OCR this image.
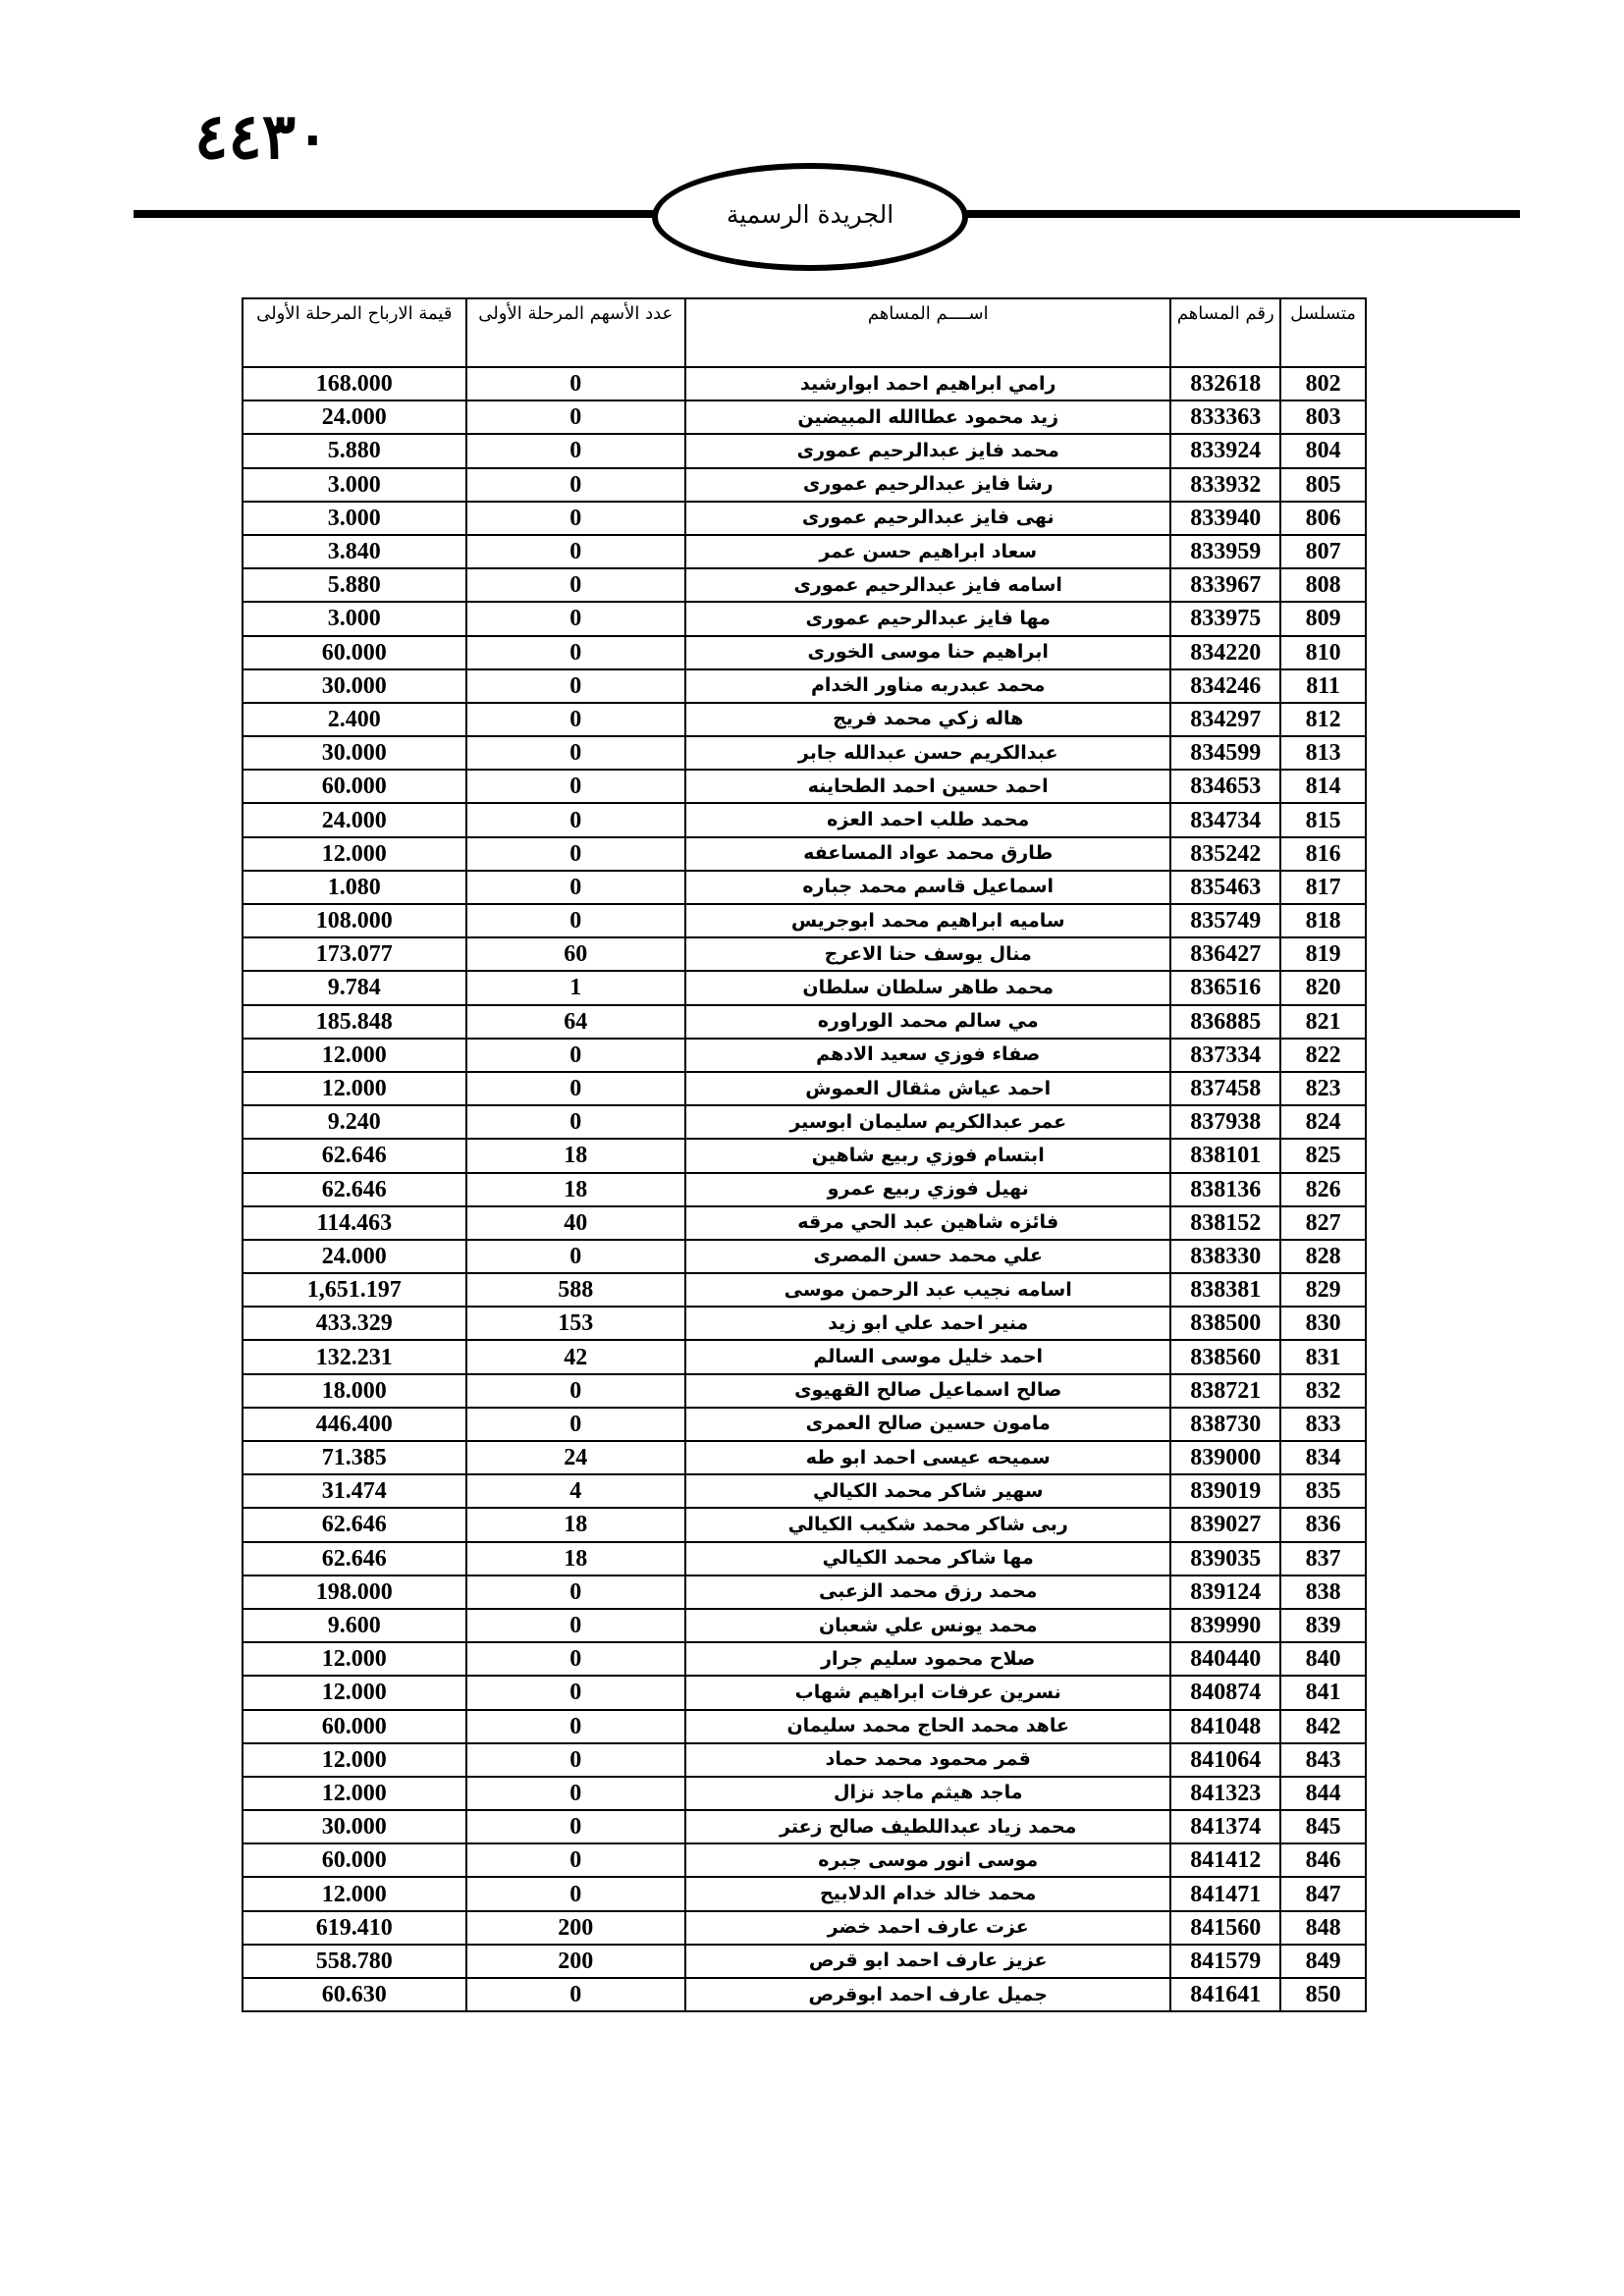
٤٤٣٠
الجريدة الرسمية
متسلسل	رقم المساهم	اســــم المساهم	عدد الأسهم المرحلة الأولى	قيمة الارباح المرحلة الأولى
802	832618	رامي ابراهيم احمد ابوارشيد	0	168.000
803	833363	زيد محمود عطاالله المبيضين	0	24.000
804	833924	محمد فايز عبدالرحيم عمورى	0	5.880
805	833932	رشا فايز عبدالرحيم عمورى	0	3.000
806	833940	نهى فايز عبدالرحيم عمورى	0	3.000
807	833959	سعاد ابراهيم حسن عمر	0	3.840
808	833967	اسامه فايز عبدالرحيم عمورى	0	5.880
809	833975	مها فايز عبدالرحيم عمورى	0	3.000
810	834220	ابراهيم حنا موسى الخورى	0	60.000
811	834246	محمد عبدربه مناور الخدام	0	30.000
812	834297	هاله زكي محمد فريج	0	2.400
813	834599	عبدالكريم حسن عبدالله جابر	0	30.000
814	834653	احمد حسين احمد الطحاينه	0	60.000
815	834734	محمد طلب احمد العزه	0	24.000
816	835242	طارق محمد عواد المساعفه	0	12.000
817	835463	اسماعيل قاسم محمد جباره	0	1.080
818	835749	ساميه ابراهيم محمد ابوجريس	0	108.000
819	836427	منال يوسف حنا الاعرج	60	173.077
820	836516	محمد طاهر سلطان سلطان	1	9.784
821	836885	مي سالم محمد الوراوره	64	185.848
822	837334	صفاء فوزي سعيد الادهم	0	12.000
823	837458	احمد عياش مثقال العموش	0	12.000
824	837938	عمر عبدالكريم سليمان ابوسير	0	9.240
825	838101	ابتسام فوزي ربيع شاهين	18	62.646
826	838136	نهيل فوزي ربيع عمرو	18	62.646
827	838152	فائزه شاهين عبد الحي مرقه	40	114.463
828	838330	علي محمد حسن المصرى	0	24.000
829	838381	اسامه نجيب عبد الرحمن موسى	588	1,651.197
830	838500	منير احمد علي ابو زيد	153	433.329
831	838560	احمد خليل موسى السالم	42	132.231
832	838721	صالح اسماعيل صالح القهيوى	0	18.000
833	838730	مامون حسين صالح العمرى	0	446.400
834	839000	سميحه عيسى احمد ابو طه	24	71.385
835	839019	سهير شاكر محمد الكيالي	4	31.474
836	839027	ربى شاكر محمد شكيب الكيالي	18	62.646
837	839035	مها شاكر محمد الكيالي	18	62.646
838	839124	محمد رزق محمد الزعبى	0	198.000
839	839990	محمد يونس علي شعبان	0	9.600
840	840440	صلاح محمود سليم جرار	0	12.000
841	840874	نسرين عرفات ابراهيم شهاب	0	12.000
842	841048	عاهد محمد الحاج محمد سليمان	0	60.000
843	841064	قمر محمود محمد حماد	0	12.000
844	841323	ماجد هيثم ماجد نزال	0	12.000
845	841374	محمد زياد عبداللطيف صالح زعتر	0	30.000
846	841412	موسى انور موسى جبره	0	60.000
847	841471	محمد خالد خدام الدلابيح	0	12.000
848	841560	عزت عارف احمد خضر	200	619.410
849	841579	عزيز عارف احمد ابو قرص	200	558.780
850	841641	جميل عارف احمد ابوقرص	0	60.630
